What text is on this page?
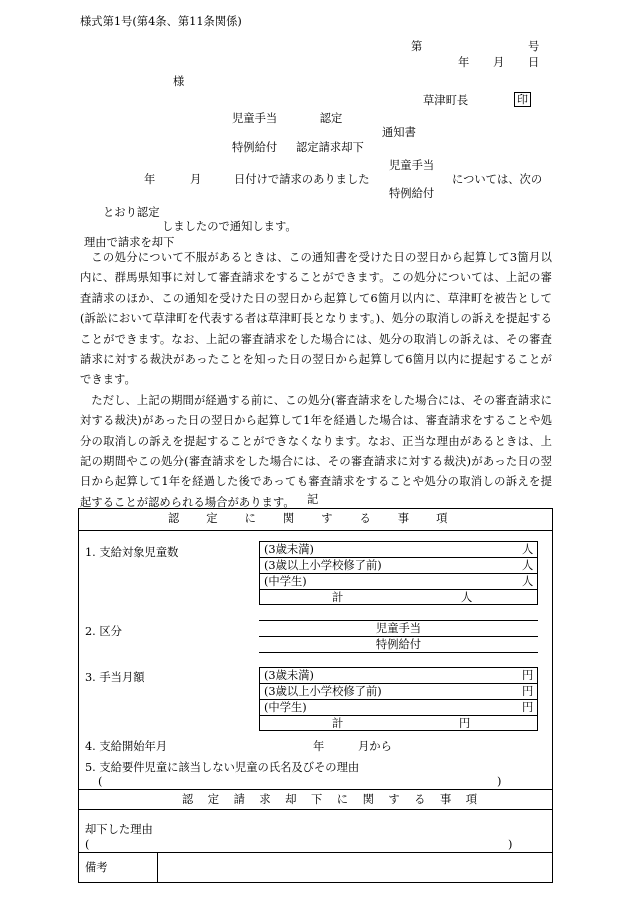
様式第1号(第4条、第11条関係)
第	号
年 月 日
様
草津町長	印
児童手当	認定
通知書
特例給付 認定請求却下
児童手当
年	月	日付けで請求のありました	については、次の
特例給付
とおり認定
しましたので通知します。
理由で請求を却下

この処分について不服があるときは、この通知書を受けた日の翌日から起算して3箇月以内に、群馬県知事に対して審査請求をすることができます。この処分については、上記の審査請求のほか、この通知を受けた日の翌日から起算して6箇月以内に、草津町を被告として(訴訟において草津町を代表する者は草津町長となります。)、処分の取消しの訴えを提起することができます。なお、上記の審査請求をした場合には、処分の取消しの訴えは、その審査請求に対する裁決があったことを知った日の翌日から起算して6箇月以内に提起することができます。

ただし、上記の期間が経過する前に、この処分(審査請求をした場合には、その審査請求に対する裁決)があった日の翌日から起算して1年を経過した場合は、審査請求をすることや処分の取消しの訴えを提起することができなくなります。なお、正当な理由があるときは、上記の期間やこの処分(審査請求をした場合には、その審査請求に対する裁決)があった日の翌日から起算して1年を経過した後であっても審査請求をすることや処分の取消しの訴えを提起することが認められる場合があります。	記
認定に関する事項
1. 支給対象児童数	(3歳未満)	人
(3歳以上小学校修了前)	人
(中学生)	人
計	人
2. 区分	児童手当
特例給付
3. 手当月額	(3歳未満)	円
(3歳以上小学校修了前)	円
(中学生)	円
計	円
4. 支給開始年月	年	月から
5. 支給要件児童に該当しない児童の氏名及びその理由
(	)
認定請求却下に関する事項
却下した理由
(	)
備考
